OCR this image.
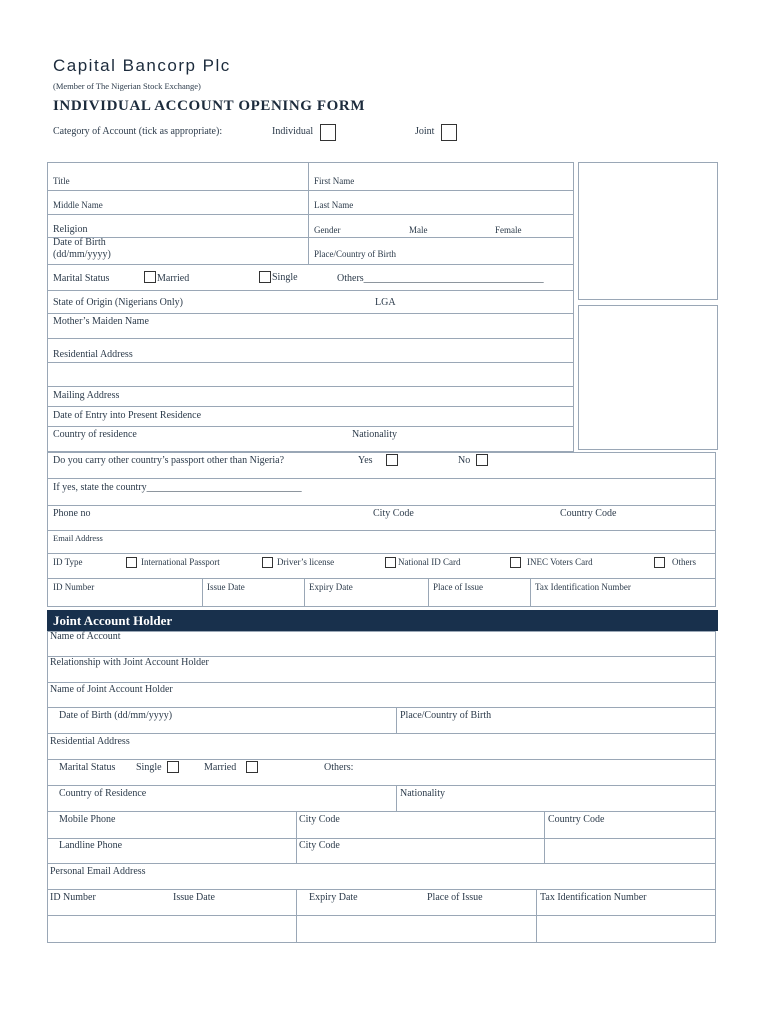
Capital Bancorp Plc
(Member of The Nigerian Stock Exchange)
INDIVIDUAL ACCOUNT OPENING FORM
Category of Account (tick as appropriate):	Individual	Joint
Title	First Name
Middle Name	Last Name
Religion	Gender	Male	Female
Date of Birth
(dd/mm/yyyy)	Place/Country of Birth
Marital Status	Married	Single	Others____________________________________
State of Origin (Nigerians Only)	LGA
Mother’s Maiden Name
Residential Address
Mailing Address
Date of Entry into Present Residence
Country of residence	Nationality
Do you carry other country’s passport other than Nigeria?	Yes	No
If yes, state the country_______________________________
Phone no	City Code	Country Code
Email Address
ID Type	International Passport	Driver’s license	National ID Card	INEC Voters Card	Others
ID Number	Issue Date	Expiry Date	Place of Issue	Tax Identification Number
Joint Account Holder
Name of Account
Relationship with Joint Account Holder
Name of Joint Account Holder
Date of Birth (dd/mm/yyyy)	Place/Country of Birth
Residential Address
Marital Status Single	Married	Others:
Country of Residence	Nationality
Mobile Phone	City Code	Country Code
Landline Phone	City Code
Personal Email Address
ID Number	Issue Date	Expiry Date	Place of Issue	Tax Identification Number
